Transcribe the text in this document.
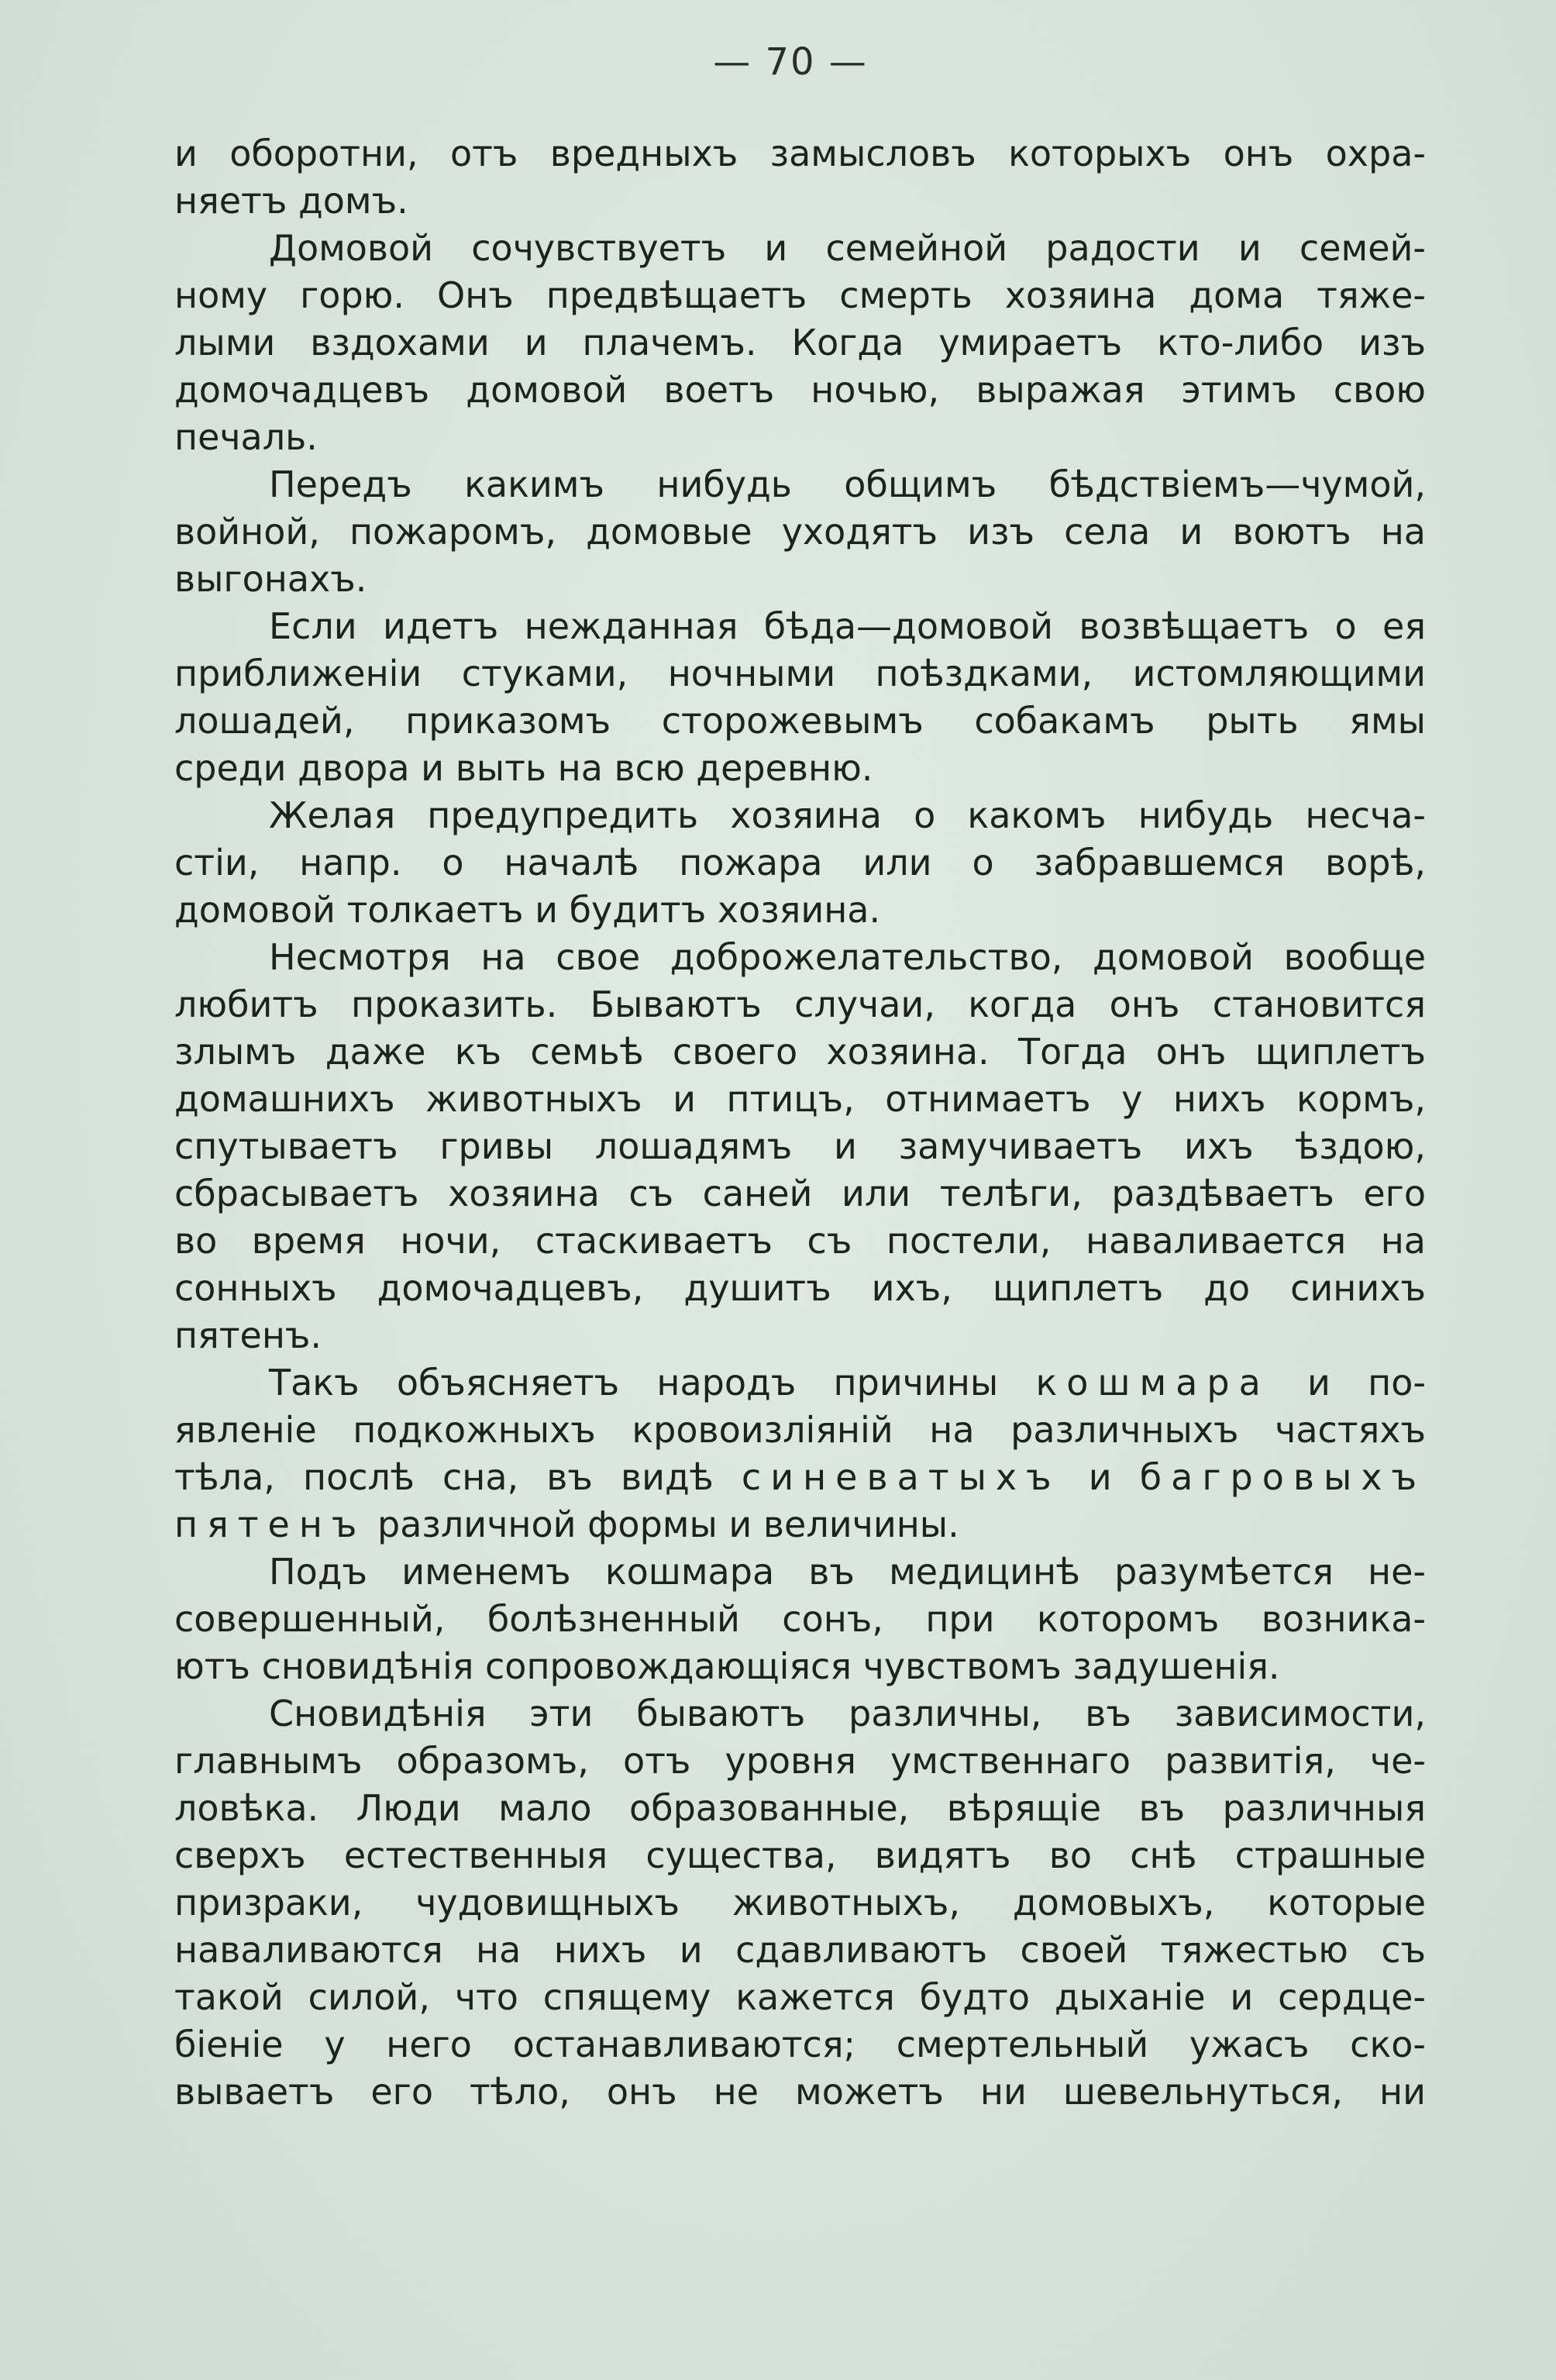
— 70 —
и оборотни, отъ вредныхъ замысловъ которыхъ онъ охра-
няетъ домъ.
Домовой сочувствуетъ и семейной радости и семей-
ному горю. Онъ предвѣщаетъ смерть хозяина дома тяже-
лыми вздохами и плачемъ. Когда умираетъ кто-либо изъ
домочадцевъ домовой воетъ ночью, выражая этимъ свою
печаль.
Передъ какимъ нибудь общимъ бѣдствіемъ—чумой,
войной, пожаромъ, домовые уходятъ изъ села и воютъ на
выгонахъ.
Если идетъ нежданная бѣда—домовой возвѣщаетъ о ея
приближеніи стуками, ночными поѣздками, истомляющими
лошадей, приказомъ сторожевымъ собакамъ рыть ямы
среди двора и выть на всю деревню.
Желая предупредить хозяина о какомъ нибудь несча-
стіи, напр. о началѣ пожара или о забравшемся ворѣ,
домовой толкаетъ и будитъ хозяина.
Несмотря на свое доброжелательство, домовой вообще
любитъ проказить. Бываютъ случаи, когда онъ становится
злымъ даже къ семьѣ своего хозяина. Тогда онъ щиплетъ
домашнихъ животныхъ и птицъ, отнимаетъ у нихъ кормъ,
спутываетъ гривы лошадямъ и замучиваетъ ихъ ѣздою,
сбрасываетъ хозяина съ саней или телѣги, раздѣваетъ его
во время ночи, стаскиваетъ съ постели, наваливается на
сонныхъ домочадцевъ, душитъ ихъ, щиплетъ до синихъ
пятенъ.
Такъ объясняетъ народъ причины кошмара и по-
явленіе подкожныхъ кровоизліяній на различныхъ частяхъ
тѣла, послѣ сна, въ видѣ синеватыхъ и багровыхъ
пятенъ различной формы и величины.
Подъ именемъ кошмара въ медицинѣ разумѣется не-
совершенный, болѣзненный сонъ, при которомъ возника-
ютъ сновидѣнія сопровождающіяся чувствомъ задушенія.
Сновидѣнія эти бываютъ различны, въ зависимости,
главнымъ образомъ, отъ уровня умственнаго развитія, че-
ловѣка. Люди мало образованные, вѣрящіе въ различныя
сверхъ естественныя существа, видятъ во снѣ страшные
призраки, чудовищныхъ животныхъ, домовыхъ, которые
наваливаются на нихъ и сдавливаютъ своей тяжестью съ
такой силой, что спящему кажется будто дыханіе и сердце-
біеніе у него останавливаются; смертельный ужасъ ско-
вываетъ его тѣло, онъ не можетъ ни шевельнуться, ни
